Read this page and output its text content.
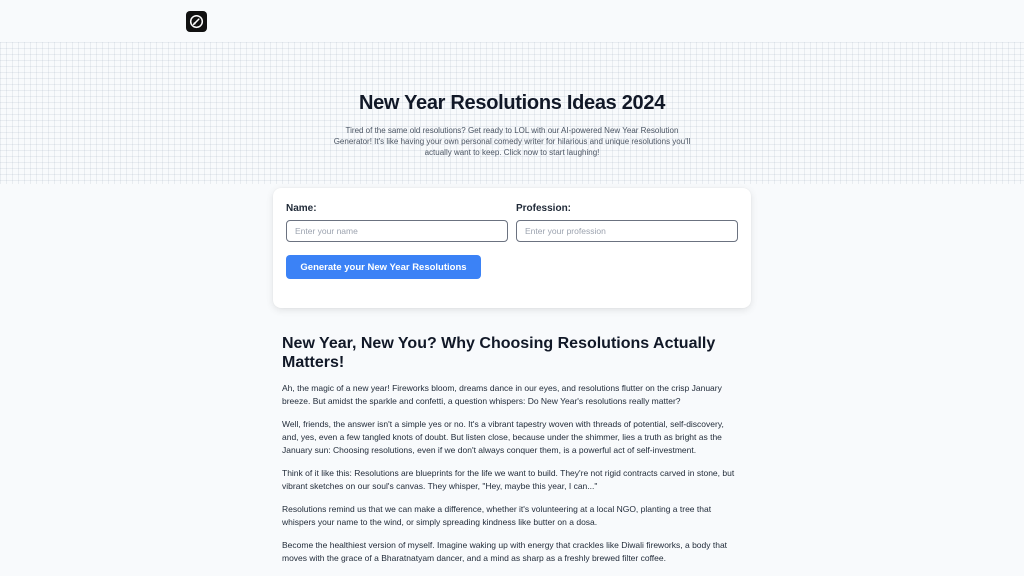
New Year Resolutions Ideas 2024

Tired of the same old resolutions? Get ready to LOL with our AI-powered New Year Resolution Generator! It's like having your own personal comedy writer for hilarious and unique resolutions you'll actually want to keep. Click now to start laughing!

Name:
Enter your name	Profession:
Enter your profession
Generate your New Year Resolutions
New Year, New You? Why Choosing Resolutions Actually Matters!

Ah, the magic of a new year! Fireworks bloom, dreams dance in our eyes, and resolutions flutter on the crisp January breeze. But amidst the sparkle and confetti, a question whispers: Do New Year's resolutions really matter?

Well, friends, the answer isn't a simple yes or no. It's a vibrant tapestry woven with threads of potential, self-discovery, and, yes, even a few tangled knots of doubt. But listen close, because under the shimmer, lies a truth as bright as the January sun: Choosing resolutions, even if we don't always conquer them, is a powerful act of self-investment.

Think of it like this: Resolutions are blueprints for the life we want to build. They're not rigid contracts carved in stone, but vibrant sketches on our soul's canvas. They whisper, "Hey, maybe this year, I can..."

Resolutions remind us that we can make a difference, whether it's volunteering at a local NGO, planting a tree that whispers your name to the wind, or simply spreading kindness like butter on a dosa.

Become the healthiest version of myself. Imagine waking up with energy that crackles like Diwali fireworks, a body that moves with the grace of a Bharatnatyam dancer, and a mind as sharp as a freshly brewed filter coffee.
